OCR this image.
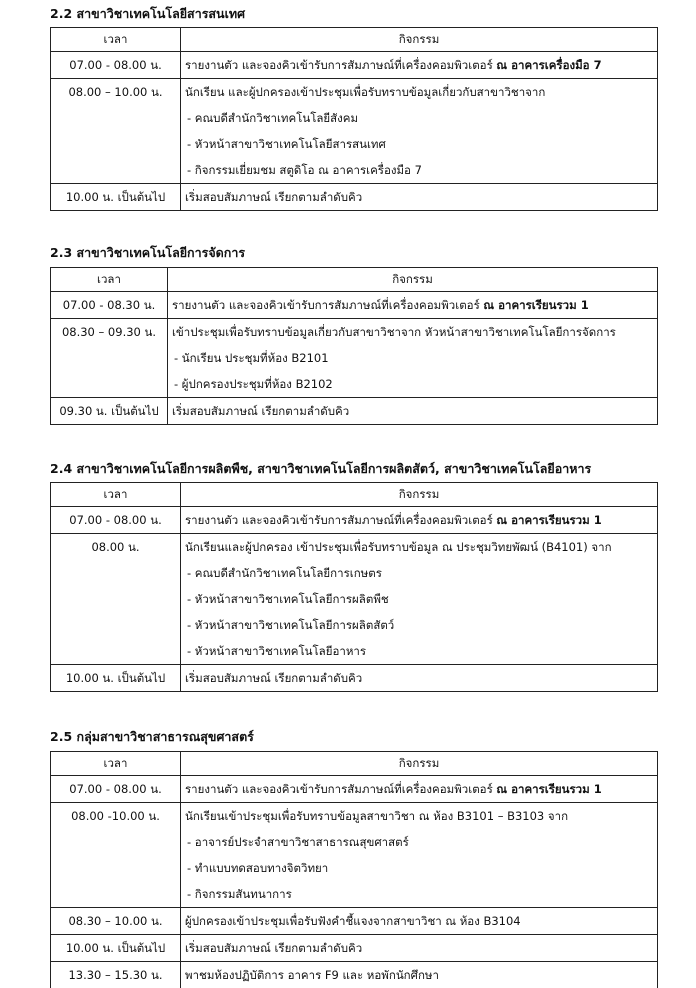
2.2 สาขาวิชาเทคโนโลยีสารสนเทศ
เวลา	กิจกรรม

07.00 - 08.00 น.	รายงานตัว และจองคิวเข้ารับการสัมภาษณ์ที่เครื่องคอมพิวเตอร์ ณ อาคารเครื่องมือ 7

08.00 – 10.00 น.	นักเรียน และผู้ปกครองเข้าประชุมเพื่อรับทราบข้อมูลเกี่ยวกับสาขาวิชาจาก
- คณบดีสำนักวิชาเทคโนโลยีสังคม
- หัวหน้าสาขาวิชาเทคโนโลยีสารสนเทศ
- กิจกรรมเยี่ยมชม สตูดิโอ ณ อาคารเครื่องมือ 7

10.00 น. เป็นต้นไป	เริ่มสอบสัมภาษณ์ เรียกตามลำดับคิว
2.3 สาขาวิชาเทคโนโลยีการจัดการ
เวลา	กิจกรรม

07.00 - 08.30 น.	รายงานตัว และจองคิวเข้ารับการสัมภาษณ์ที่เครื่องคอมพิวเตอร์ ณ อาคารเรียนรวม 1

08.30 – 09.30 น.	เข้าประชุมเพื่อรับทราบข้อมูลเกี่ยวกับสาขาวิชาจาก หัวหน้าสาขาวิชาเทคโนโลยีการจัดการ
- นักเรียน ประชุมที่ห้อง B2101
- ผู้ปกครองประชุมที่ห้อง B2102

09.30 น. เป็นต้นไป	เริ่มสอบสัมภาษณ์ เรียกตามลำดับคิว
2.4 สาขาวิชาเทคโนโลยีการผลิตพืช, สาขาวิชาเทคโนโลยีการผลิตสัตว์, สาขาวิชาเทคโนโลยีอาหาร
เวลา	กิจกรรม

07.00 - 08.00 น.	รายงานตัว และจองคิวเข้ารับการสัมภาษณ์ที่เครื่องคอมพิวเตอร์ ณ อาคารเรียนรวม 1

08.00 น.	นักเรียนและผู้ปกครอง เข้าประชุมเพื่อรับทราบข้อมูล ณ ประชุมวิทยพัฒน์ (B4101) จาก
- คณบดีสำนักวิชาเทคโนโลยีการเกษตร
- หัวหน้าสาขาวิชาเทคโนโลยีการผลิตพืช
- หัวหน้าสาขาวิชาเทคโนโลยีการผลิตสัตว์
- หัวหน้าสาขาวิชาเทคโนโลยีอาหาร

10.00 น. เป็นต้นไป	เริ่มสอบสัมภาษณ์ เรียกตามลำดับคิว
2.5 กลุ่มสาขาวิชาสาธารณสุขศาสตร์
เวลา	กิจกรรม

07.00 - 08.00 น.	รายงานตัว และจองคิวเข้ารับการสัมภาษณ์ที่เครื่องคอมพิวเตอร์ ณ อาคารเรียนรวม 1

08.00 -10.00 น.	นักเรียนเข้าประชุมเพื่อรับทราบข้อมูลสาขาวิชา ณ ห้อง B3101 – B3103 จาก
- อาจารย์ประจำสาขาวิชาสาธารณสุขศาสตร์
- ทำแบบทดสอบทางจิตวิทยา
- กิจกรรมสันทนาการ

08.30 – 10.00 น.	ผู้ปกครองเข้าประชุมเพื่อรับฟังคำชี้แจงจากสาขาวิชา ณ ห้อง B3104

10.00 น. เป็นต้นไป	เริ่มสอบสัมภาษณ์ เรียกตามลำดับคิว

13.30 – 15.30 น.	พาชมห้องปฏิบัติการ อาคาร F9 และ หอพักนักศึกษา
